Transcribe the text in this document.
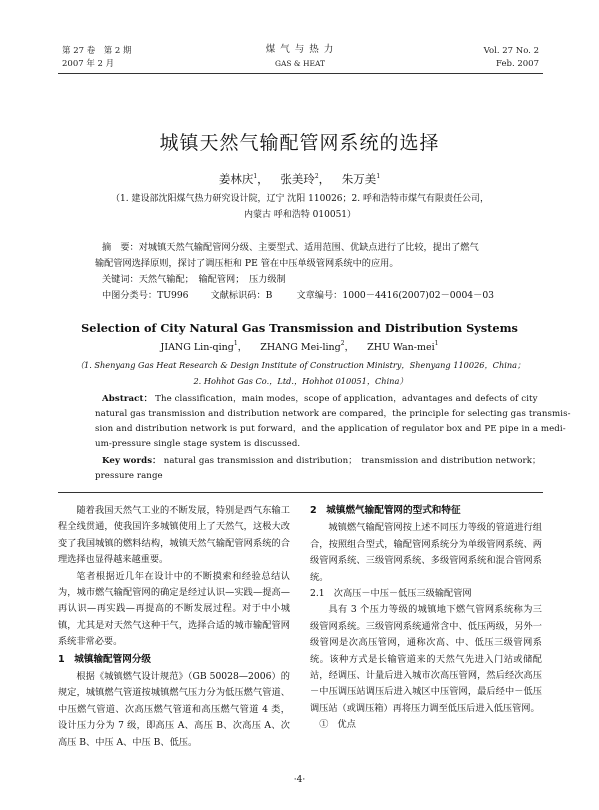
第 27 卷　第 2 期
2007 年 2 月
煤 气 与 热 力
GAS & HEAT
Vol. 27 No. 2
Feb. 2007
城镇天然气输配管网系统的选择
姜林庆$^1$， 张美玲$^2$， 朱万美$^1$
（1. 建设部沈阳煤气热力研究设计院，辽宁 沈阳 110026；2. 呼和浩特市煤气有限责任公司，
内蒙古 呼和浩特 010051）

摘　要：对城镇天然气输配管网分级、主要型式、适用范围、优缺点进行了比较，提出了燃气

输配管网选择原则，探讨了调压柜和 PE 管在中压单级管网系统中的应用。

关键词：天然气输配；　输配管网；　压力级制

中图分类号：TU996 文献标识码：B	文章编号：1000－4416(2007)02－0004－03

Selection of City Natural Gas Transmission and Distribution Systems
JIANG Lin-qing$^1$， ZHANG Mei-ling$^2$， ZHU Wan-mei$^1$
（1. Shenyang Gas Heat Research & Design Institute of Construction Ministry，Shenyang 110026，China；
2. Hohhot Gas Co.，Ltd.，Hohhot 010051，China）

Abstract： The classification，main modes，scope of application，advantages and defects of city

natural gas transmission and distribution network are compared，the principle for selecting gas transmis-

sion and distribution network is put forward，and the application of regulator box and PE pipe in a medi-

um-pressure single stage system is discussed.

Key words： natural gas transmission and distribution；　transmission and distribution network；

pressure range

随着我国天然气工业的不断发展，特别是西气东输工程全线贯通，使我国许多城镇使用上了天然气，这极大改变了我国城镇的燃料结构，城镇天然气输配管网系统的合理选择也显得越来越重要。

笔者根据近几年在设计中的不断摸索和经验总结认为，城市燃气输配管网的确定是经过认识—实践—提高—再认识—再实践—再提高的不断发展过程。对于中小城镇，尤其是对天然气这种干气，选择合适的城市输配管网系统非常必要。

1　城镇输配管网分级

根据《城镇燃气设计规范》（GB 50028—2006）的规定，城镇燃气管道按城镇燃气压力分为低压燃气管道、中压燃气管道、次高压燃气管道和高压燃气管道 4 类，设计压力分为 7 级，即高压 A、高压 B、次高压 A、次高压 B、中压 A、中压 B、低压。

2　城镇燃气输配管网的型式和特征

城镇燃气输配管网按上述不同压力等级的管道进行组合，按照组合型式，输配管网系统分为单级管网系统、两级管网系统、三级管网系统、多级管网系统和混合管网系统。

2.1　次高压－中压－低压三级输配管网

具有 3 个压力等级的城镇地下燃气管网系统称为三级管网系统。三级管网系统通常含中、低压两级，另外一级管网是次高压管网，通称次高、中、低压三级管网系统。该种方式是长输管道来的天然气先进入门站或储配站，经调压、计量后进入城市次高压管网，然后经次高压－中压调压站调压后进入城区中压管网，最后经中－低压调压站（或调压箱）再将压力调至低压后进入低压管网。

①　优点

·4·
